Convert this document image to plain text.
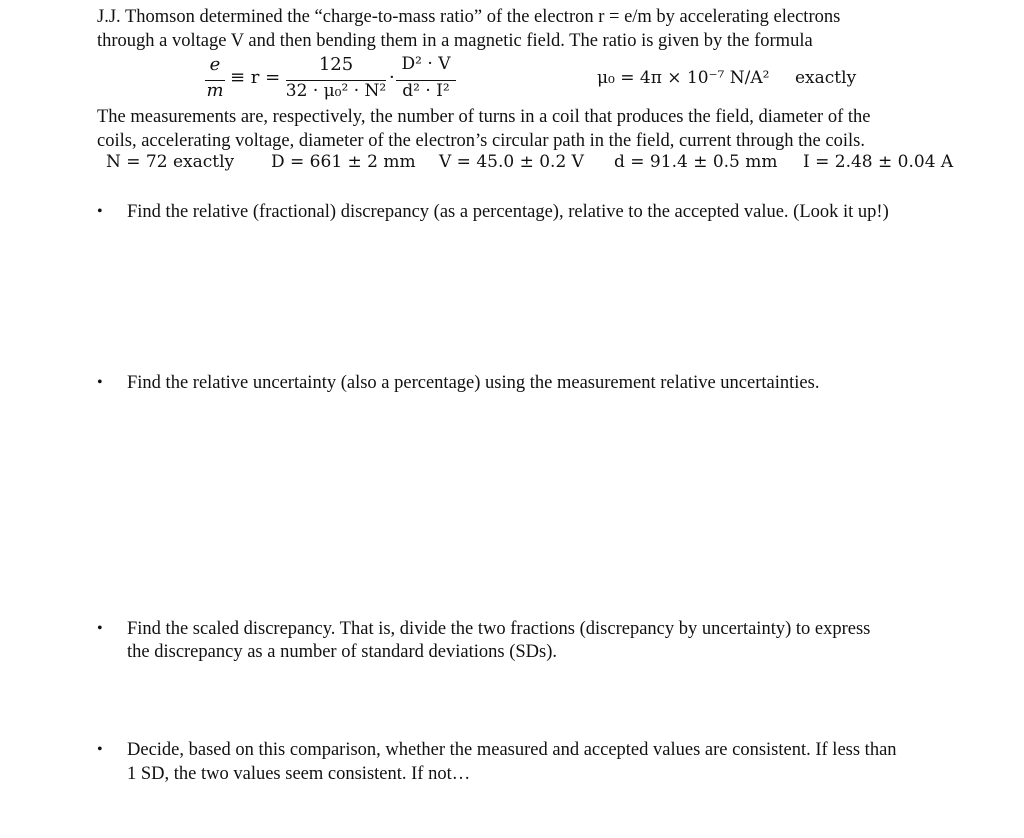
J.J. Thomson determined the “charge-to-mass ratio” of the electron r = e/m by accelerating electrons
through a voltage V and then bending them in a magnetic field. The ratio is given by the formula
e
m
≡ r =
125
32 · μ₀² · N²
·
D² · V
d² · I²
μ₀ = 4π × 10⁻⁷ N/A² exactly
The measurements are, respectively, the number of turns in a coil that produces the field, diameter of the
coils, accelerating voltage, diameter of the electron’s circular path in the field, current through the coils.
N = 72 exactly D = 661 ± 2 mm V = 45.0 ± 0.2 V d = 91.4 ± 0.5 mm I = 2.48 ± 0.04 A
• Find the relative (fractional) discrepancy (as a percentage), relative to the accepted value. (Look it up!)
• Find the relative uncertainty (also a percentage) using the measurement relative uncertainties.
• Find the scaled discrepancy. That is, divide the two fractions (discrepancy by uncertainty) to express
the discrepancy as a number of standard deviations (SDs).
• Decide, based on this comparison, whether the measured and accepted values are consistent. If less than
1 SD, the two values seem consistent. If not…
